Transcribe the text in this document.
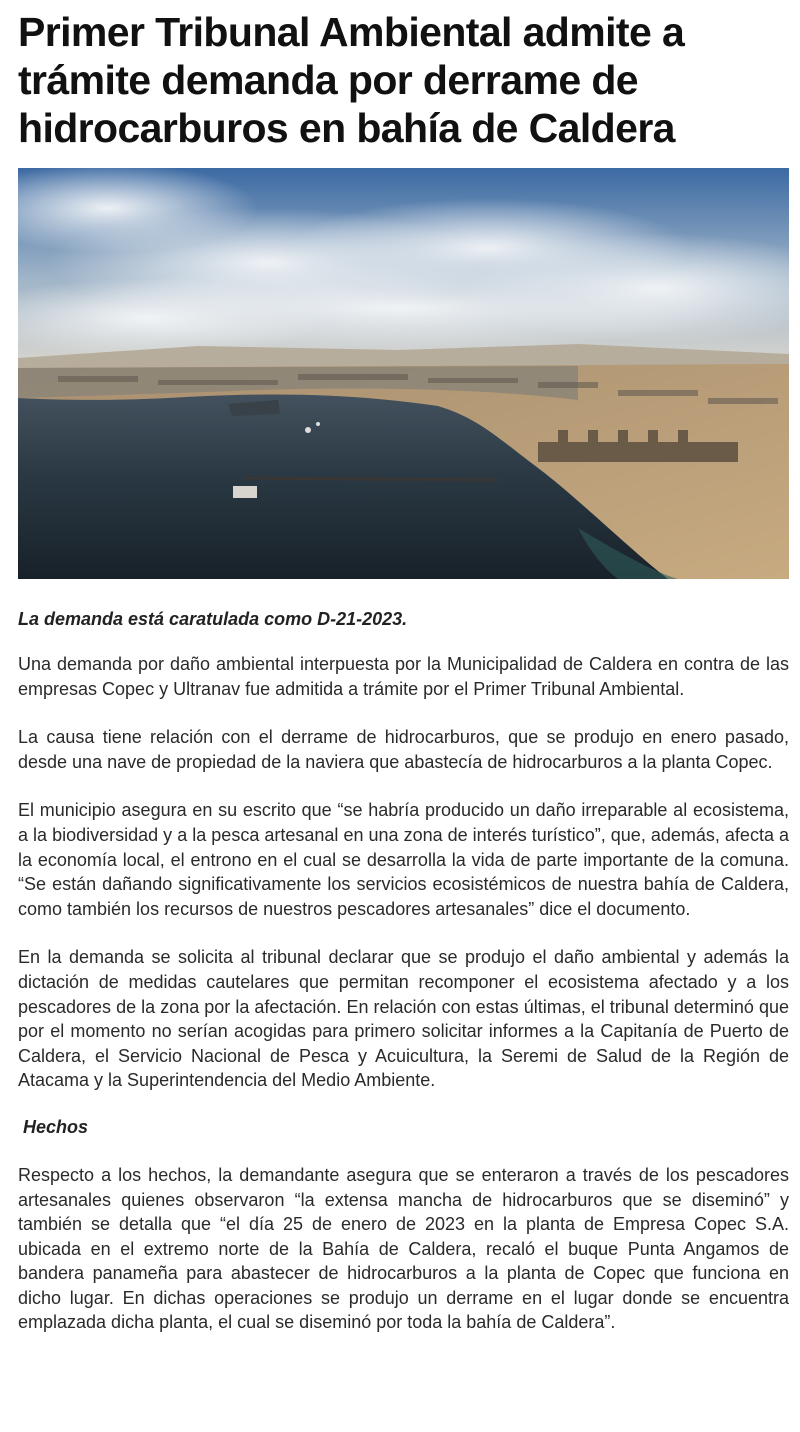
Primer Tribunal Ambiental admite a trámite demanda por derrame de hidrocarburos en bahía de Caldera

La demanda está caratulada como D-21-2023.

Una demanda por daño ambiental interpuesta por la Municipalidad de Caldera en contra de las empresas Copec y Ultranav fue admitida a trámite por el Primer Tribunal Ambiental.

La causa tiene relación con el derrame de hidrocarburos, que se produjo en enero pasado, desde una nave de propiedad de la naviera que abastecía de hidrocarburos a la planta Copec.

El municipio asegura en su escrito que “se habría producido un daño irreparable al ecosistema, a la biodiversidad y a la pesca artesanal en una zona de interés turístico”, que, además, afecta a la economía local, el entrono en el cual se desarrolla la vida de parte importante de la comuna. “Se están dañando significativamente los servicios ecosistémicos de nuestra bahía de Caldera, como también los recursos de nuestros pescadores artesanales” dice el documento.

En la demanda se solicita al tribunal declarar que se produjo el daño ambiental y además la dictación de medidas cautelares que permitan recomponer el ecosistema afectado y a los pescadores de la zona por la afectación. En relación con estas últimas, el tribunal determinó que por el momento no serían acogidas para primero solicitar informes a la Capitanía de Puerto de Caldera, el Servicio Nacional de Pesca y Acuicultura, la Seremi de Salud de la Región de Atacama y la Superintendencia del Medio Ambiente.

Hechos

Respecto a los hechos, la demandante asegura que se enteraron a través de los pescadores artesanales quienes observaron “la extensa mancha de hidrocarburos que se diseminó” y también se detalla que “el día 25 de enero de 2023 en la planta de Empresa Copec S.A. ubicada en el extremo norte de la Bahía de Caldera, recaló el buque Punta Angamos de bandera panameña para abastecer de hidrocarburos a la planta de Copec que funciona en dicho lugar. En dichas operaciones se produjo un derrame en el lugar donde se encuentra emplazada dicha planta, el cual se diseminó por toda la bahía de Caldera”.
